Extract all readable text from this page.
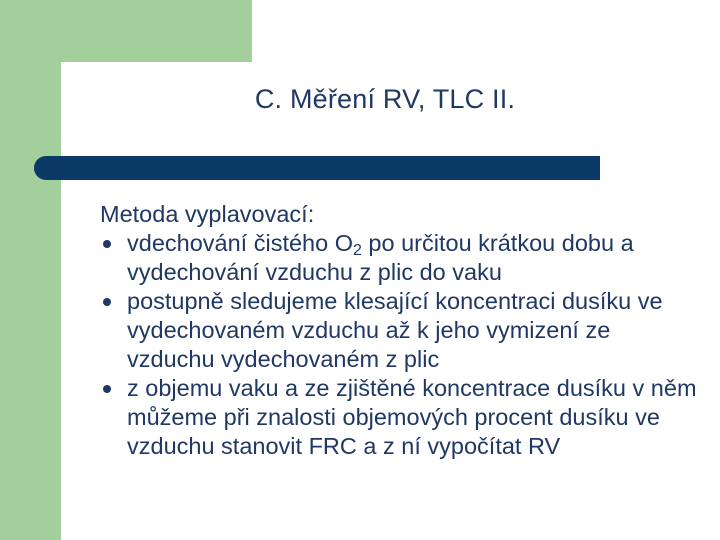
C. Měření RV, TLC II.

Metoda vyplavovací:

vdechování čistého $O_2$ po určitou krátkou dobu a vydechování vzduchu z plic do vaku
postupně sledujeme klesající koncentraci dusíku ve vydechovaném vzduchu až k jeho vymizení ze vzduchu vydechovaném z plic
z objemu vaku a ze zjištěné koncentrace dusíku v něm můžeme při znalosti objemových procent dusíku ve vzduchu stanovit FRC a z ní vypočítat RV
